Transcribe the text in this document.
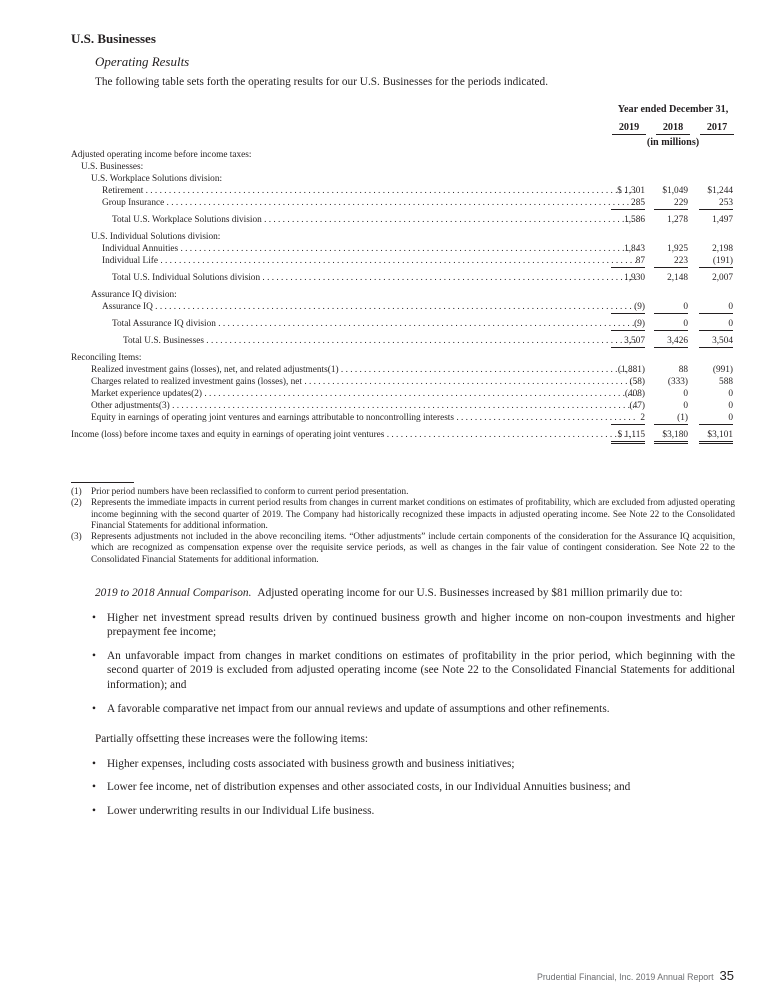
U.S. Businesses
Operating Results
The following table sets forth the operating results for our U.S. Businesses for the periods indicated.
Year ended December 31,
2019	2018	2017
(in millions)
Adjusted operating income before income taxes:
U.S. Businesses:
U.S. Workplace Solutions division:
Retirement . . .	$ 1,301	$1,049	$1,244
Group Insurance . . .	285	229	253
Total U.S. Workplace Solutions division . . .	1,586	1,278	1,497
U.S. Individual Solutions division:
Individual Annuities . . .	1,843	1,925	2,198
Individual Life . . .	87	223	(191)
Total U.S. Individual Solutions division . . .	1,930	2,148	2,007
Assurance IQ division:
Assurance IQ . . .	(9)	0	0
Total Assurance IQ division . . .	(9)	0	0
Total U.S. Businesses . . .	3,507	3,426	3,504
Reconciling Items:
Realized investment gains (losses), net, and related adjustments(1) . . .	(1,881)	88	(991)
Charges related to realized investment gains (losses), net . . .	(58)	(333)	588
Market experience updates(2) . . .	(408)	0	0
Other adjustments(3) . . .	(47)	0	0
Equity in earnings of operating joint ventures and earnings attributable to noncontrolling interests . . .	2	(1)	0
Income (loss) before income taxes and equity in earnings of operating joint ventures . . .	$ 1,115	$3,180	$3,101
(1) Prior period numbers have been reclassified to conform to current period presentation.
(2) Represents the immediate impacts in current period results from changes in current market conditions on estimates of profitability, which are excluded from adjusted operating income beginning with the second quarter of 2019. The Company had historically recognized these impacts in adjusted operating income. See Note 22 to the Consolidated Financial Statements for additional information.
(3) Represents adjustments not included in the above reconciling items. “Other adjustments” include certain components of the consideration for the Assurance IQ acquisition, which are recognized as compensation expense over the requisite service periods, as well as changes in the fair value of contingent consideration. See Note 22 to the Consolidated Financial Statements for additional information.

2019 to 2018 Annual Comparison. Adjusted operating income for our U.S. Businesses increased by $81 million primarily due to:

• Higher net investment spread results driven by continued business growth and higher income on non-coupon investments and higher prepayment fee income;
• An unfavorable impact from changes in market conditions on estimates of profitability in the prior period, which beginning with the second quarter of 2019 is excluded from adjusted operating income (see Note 22 to the Consolidated Financial Statements for additional information); and
• A favorable comparative net impact from our annual reviews and update of assumptions and other refinements.

Partially offsetting these increases were the following items:

• Higher expenses, including costs associated with business growth and business initiatives;
• Lower fee income, net of distribution expenses and other associated costs, in our Individual Annuities business; and
• Lower underwriting results in our Individual Life business.
Prudential Financial, Inc. 2019 Annual Report 35
